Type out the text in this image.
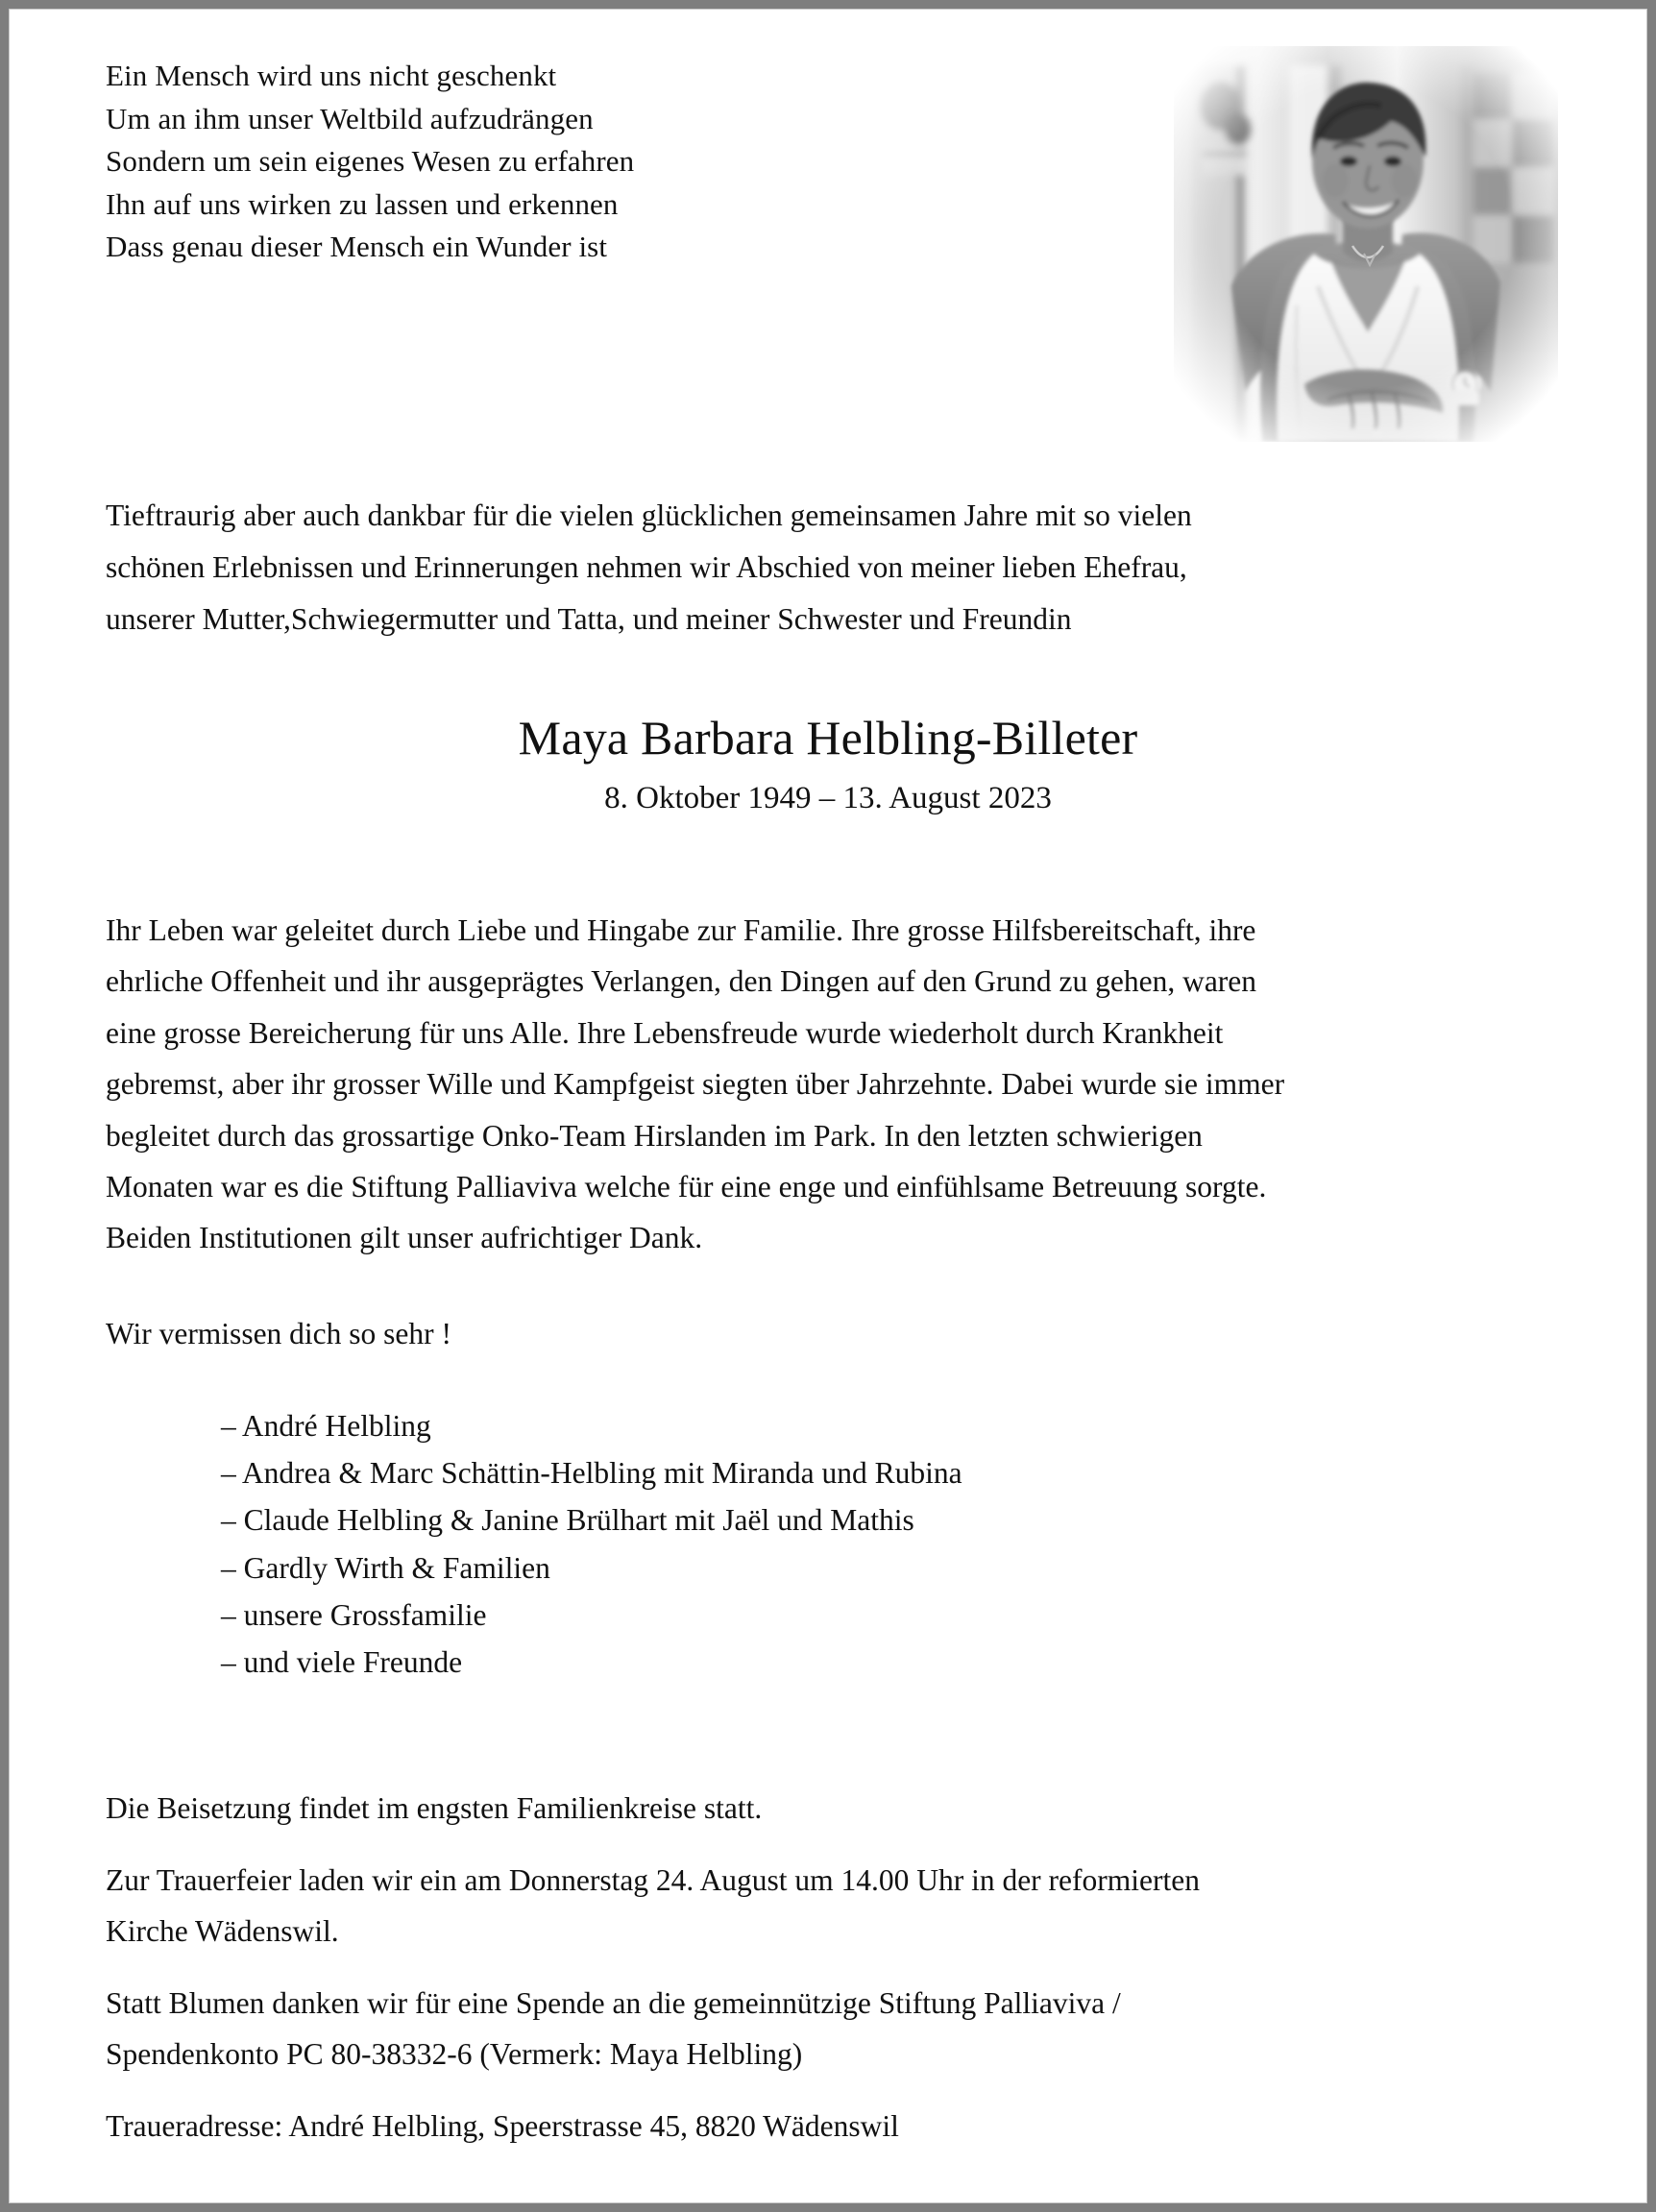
Ein Mensch wird uns nicht geschenkt
Um an ihm unser Weltbild aufzudrängen
Sondern um sein eigenes Wesen zu erfahren
Ihn auf uns wirken zu lassen und erkennen
Dass genau dieser Mensch ein Wunder ist
Tieftraurig aber auch dankbar für die vielen glücklichen gemeinsamen Jahre mit so vielen
schönen Erlebnissen und Erinnerungen nehmen wir Abschied von meiner lieben Ehefrau,
unserer Mutter,Schwiegermutter und Tatta, und meiner Schwester und Freundin
Maya Barbara Helbling-Billeter
8. Oktober 1949 – 13. August 2023
Ihr Leben war geleitet durch Liebe und Hingabe zur Familie. Ihre grosse Hilfsbereitschaft, ihre
ehrliche Offenheit und ihr ausgeprägtes Verlangen, den Dingen auf den Grund zu gehen, waren
eine grosse Bereicherung für uns Alle. Ihre Lebensfreude wurde wiederholt durch Krankheit
gebremst, aber ihr grosser Wille und Kampfgeist siegten über Jahrzehnte. Dabei wurde sie immer
begleitet durch das grossartige Onko-Team Hirslanden im Park. In den letzten schwierigen
Monaten war es die Stiftung Palliaviva welche für eine enge und einfühlsame Betreuung sorgte.
Beiden Institutionen gilt unser aufrichtiger Dank.
Wir vermissen dich so sehr !
– André Helbling
– Andrea & Marc Schättin-Helbling mit Miranda und Rubina
– Claude Helbling & Janine Brülhart mit Jaël und Mathis
– Gardly Wirth & Familien
– unsere Grossfamilie
– und viele Freunde
Die Beisetzung findet im engsten Familienkreise statt.
Zur Trauerfeier laden wir ein am Donnerstag 24. August um 14.00 Uhr in der reformierten
Kirche Wädenswil.
Statt Blumen danken wir für eine Spende an die gemeinnützige Stiftung Palliaviva /
Spendenkonto PC 80-38332-6 (Vermerk: Maya Helbling)
Traueradresse: André Helbling, Speerstrasse 45, 8820 Wädenswil
